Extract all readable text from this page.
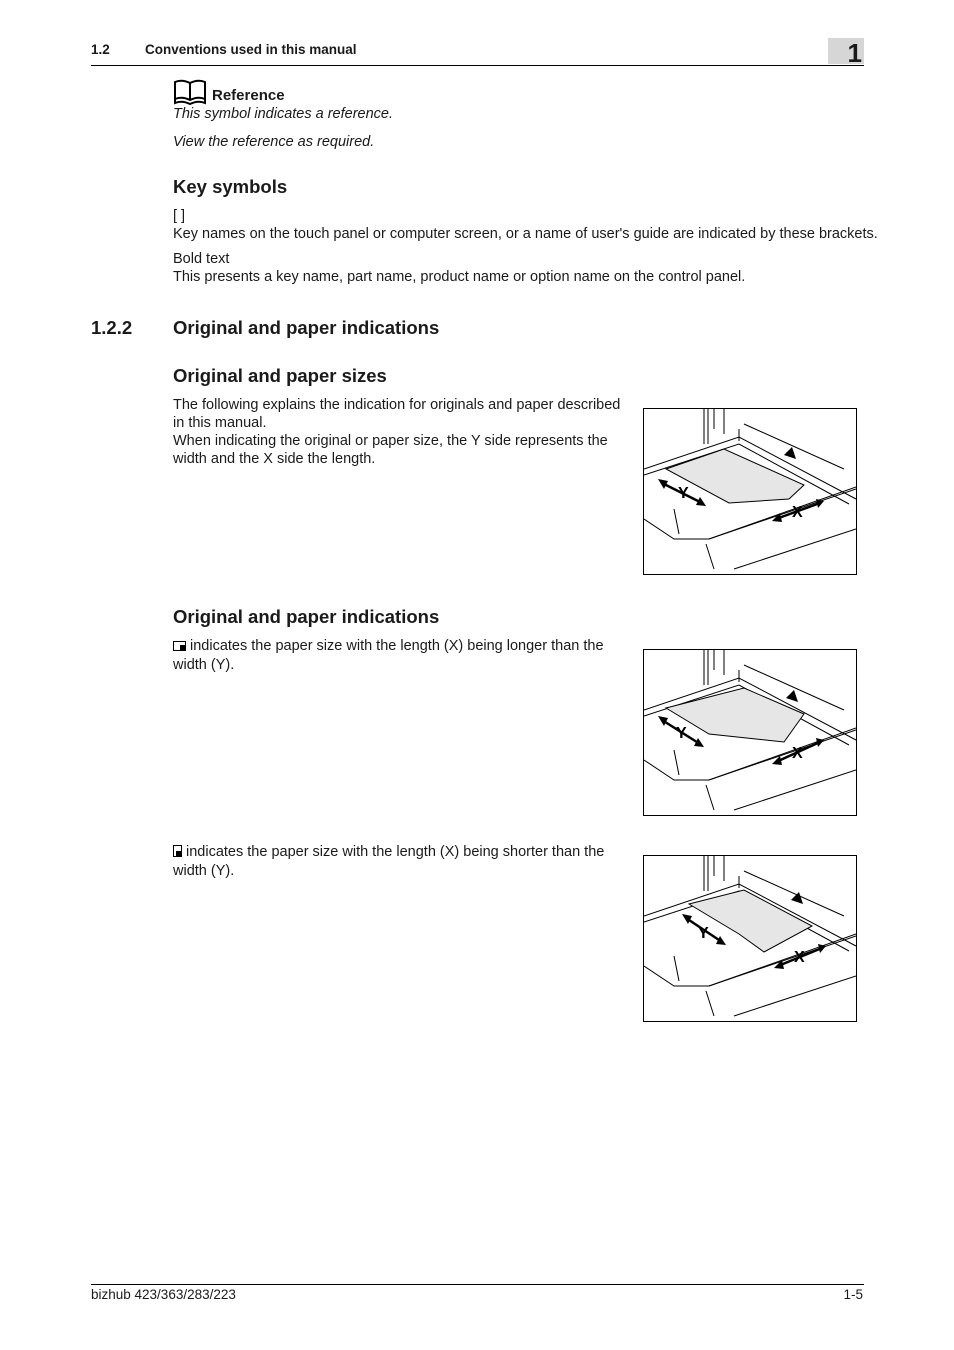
1.2	Conventions used in this manual	1
Reference
This symbol indicates a reference.
View the reference as required.
Key symbols
[ ]
Key names on the touch panel or computer screen, or a name of user's guide are indicated by these brackets.
Bold text
This presents a key name, part name, product name or option name on the control panel.
1.2.2 Original and paper indications
Original and paper sizes
The following explains the indication for originals and paper described in this manual.
When indicating the original or paper size, the Y side represents the width and the X side the length.
Y
X
Original and paper indications
indicates the paper size with the length (X) being longer than the width (Y).
Y
X
indicates the paper size with the length (X) being shorter than the width (Y).
Y
X
bizhub 423/363/283/223	1-5
